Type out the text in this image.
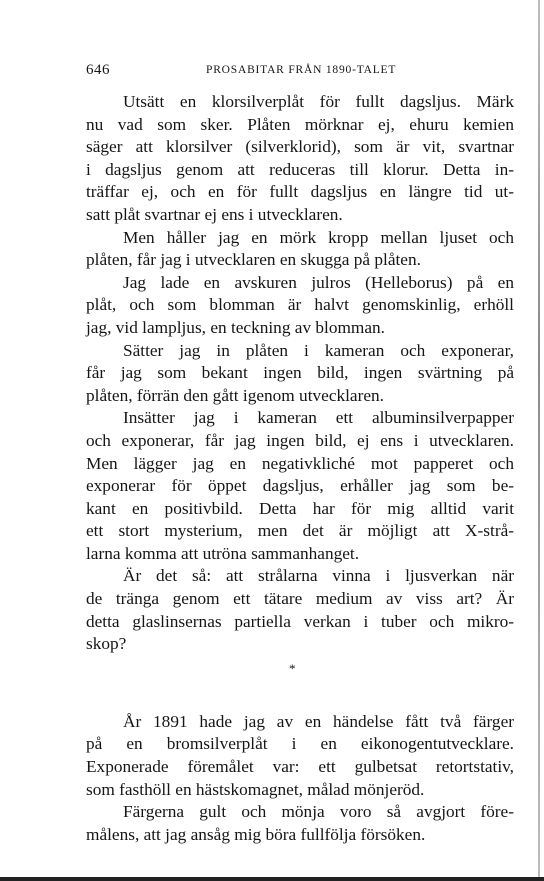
646	PROSABITAR FRÅN 1890-TALET
Utsätt en klorsilverplåt för fullt dagsljus. Märk
nu vad som sker. Plåten mörknar ej, ehuru kemien
säger att klorsilver (silverklorid), som är vit, svartnar
i dagsljus genom att reduceras till klorur. Detta in-
träffar ej, och en för fullt dagsljus en längre tid ut-
satt plåt svartnar ej ens i utvecklaren.
Men håller jag en mörk kropp mellan ljuset och
plåten, får jag i utvecklaren en skugga på plåten.
Jag lade en avskuren julros (Helleborus) på en
plåt, och som blomman är halvt genomskinlig, erhöll
jag, vid lampljus, en teckning av blomman.
Sätter jag in plåten i kameran och exponerar,
får jag som bekant ingen bild, ingen svärtning på
plåten, förrän den gått igenom utvecklaren.
Insätter jag i kameran ett albuminsilverpapper
och exponerar, får jag ingen bild, ej ens i utvecklaren.
Men lägger jag en negativkliché mot papperet och
exponerar för öppet dagsljus, erhåller jag som be-
kant en positivbild. Detta har för mig alltid varit
ett stort mysterium, men det är möjligt att X-strå-
larna komma att utröna sammanhanget.
Är det så: att strålarna vinna i ljusverkan när
de tränga genom ett tätare medium av viss art? Är
detta glaslinsernas partiella verkan i tuber och mikro-
skop?
*
År 1891 hade jag av en händelse fått två färger
på en bromsilverplåt i en eikonogentutvecklare.
Exponerade föremålet var: ett gulbetsat retortstativ,
som fasthöll en hästskomagnet, målad mönjeröd.
Färgerna gult och mönja voro så avgjort före-
målens, att jag ansåg mig böra fullfölja försöken.
